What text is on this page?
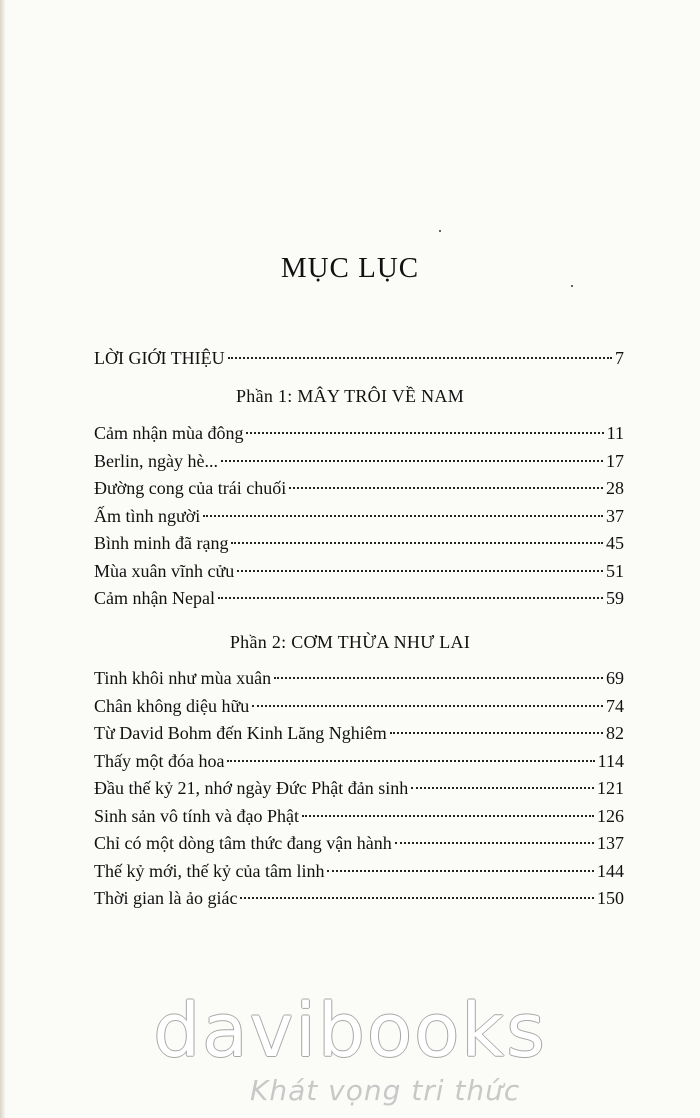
MỤC LỤC
LỜI GIỚI THIỆU	7
Phần 1: MÂY TRÔI VỀ NAM
Cảm nhận mùa đông	11
Berlin, ngày hè...	17
Đường cong của trái chuối	28
Ấm tình người	37
Bình minh đã rạng	45
Mùa xuân vĩnh cửu	51
Cảm nhận Nepal	59
Phần 2: CƠM THỪA NHƯ LAI
Tinh khôi như mùa xuân	69
Chân không diệu hữu	74
Từ David Bohm đến Kinh Lăng Nghiêm	82
Thấy một đóa hoa	114
Đầu thế kỷ 21, nhớ ngày Đức Phật đản sinh	121
Sinh sản vô tính và đạo Phật	126
Chỉ có một dòng tâm thức đang vận hành	137
Thế kỷ mới, thế kỷ của tâm linh	144
Thời gian là ảo giác	150
davibooks
Khát vọng tri thức
